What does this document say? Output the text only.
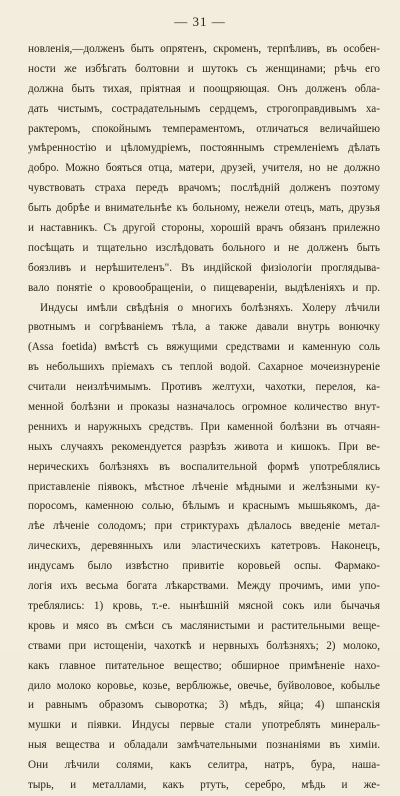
— 31 —
новленія,—долженъ быть опрятенъ, скроменъ, терпѣливъ, въ особен-
ности же избѣгать болтовни и шутокъ съ женщинами; рѣчь его
должна быть тихая, пріятная и поощряющая. Онъ долженъ обла-
дать чистымъ, сострадательнымъ сердцемъ, строгоправдивымъ ха-
рактеромъ, спокойнымъ темпераментомъ, отличаться величайшею
умѣренностію и цѣломудріемъ, постояннымъ стремленіемъ дѣлать
добро. Можно бояться отца, матери, друзей, учителя, но не должно
чувствовать страха передъ врачомъ; послѣдній долженъ поэтому
быть добрѣе и внимательнѣе къ больному, нежели отецъ, мать, друзья
и наставникъ. Съ другой стороны, хорошій врачъ обязанъ прилежно
посѣщать и тщательно изслѣдовать больного и не долженъ быть
боязливъ и нерѣшителенъ". Въ индійской физіологіи проглядыва-
вало понятіе о кровообращеніи, о пищевареніи, выдѣленіяхъ и пр.
Индусы имѣли свѣдѣнія о многихъ болѣзняхъ. Холеру лѣчили
рвотнымъ и согрѣваніемъ тѣла, а также давали внутрь вонючку
(Assa foetida) вмѣстѣ съ вяжущими средствами и каменную соль
въ небольшихъ пріемахъ съ теплой водой. Сахарное мочеизнуреніе
считали неизлѣчимымъ. Противъ желтухи, чахотки, перелоя, ка-
менной болѣзни и проказы назначалось огромное количество внут-
реннихъ и наружныхъ средствъ. При каменной болѣзни въ отчаян-
ныхъ случаяхъ рекомендуется разрѣзъ живота и кишокъ. При ве-
нерическихъ болѣзняхъ въ воспалительной формѣ употреблялись
приставленіе піявокъ, мѣстное лѣченіе мѣдными и желѣзными ку-
поросомъ, каменною солью, бѣлымъ и краснымъ мышьякомъ, да-
лѣе лѣченіе солодомъ; при стриктурахъ дѣлалось введеніе метал-
лическихъ, деревянныхъ или эластическихъ катетровъ. Наконецъ,
индусамъ было извѣстно привитіе коровьей оспы. Фармако-
логія ихъ весьма богата лѣкарствами. Между прочимъ, ими упо-
треблялись: 1) кровь, т.-е. нынѣшній мясной сокъ или бычачья
кровь и мясо въ смѣси съ маслянистыми и растительными веще-
ствами при истощеніи, чахоткѣ и нервныхъ болѣзняхъ; 2) молоко,
какъ главное питательное вещество; обширное примѣненіе нахо-
дило молоко коровье, козье, верблюжье, овечье, буйволовое, кобылье
и равнымъ образомъ сыворотка; 3) мѣдъ, яйца; 4) шпанскія
мушки и піявки. Индусы первые стали употреблять минераль-
ныя вещества и обладали замѣчательными познаніями въ химіи.
Они лѣчили солями, какъ селитра, натръ, бура, нашa-
тырь, и металлами, какъ ртуть, серебро, мѣдь и же-
